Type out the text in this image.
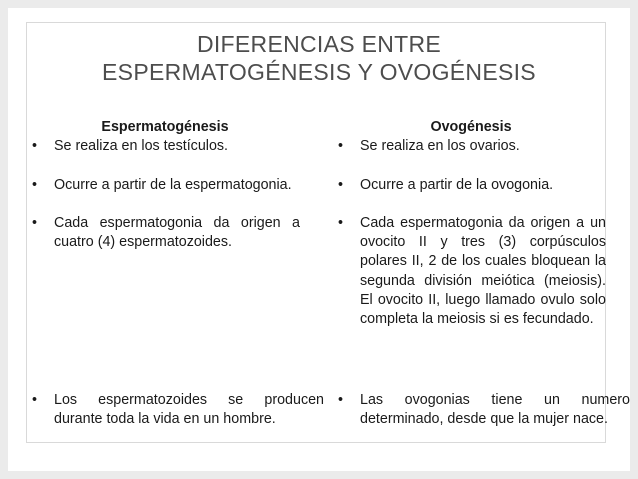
DIFERENCIAS ENTRE
ESPERMATOGÉNESIS Y OVOGÉNESIS
Espermatogénesis
• Se realiza en los testículos.
• Ocurre a partir de la espermatogonia.
• Cada espermatogonia da origen a cuatro (4) espermatozoides.
• Los espermatozoides se producen durante toda la vida en un hombre.
Ovogénesis
• Se realiza en los ovarios.
• Ocurre a partir de la ovogonia.
• Cada espermatogonia da origen a un ovocito II y tres (3) corpúsculos polares II, 2 de los cuales bloquean la segunda división meiótica (meiosis). El ovocito II, luego llamado ovulo solo completa la meiosis si es fecundado.
• Las ovogonias tiene un numero determinado, desde que la mujer nace.
